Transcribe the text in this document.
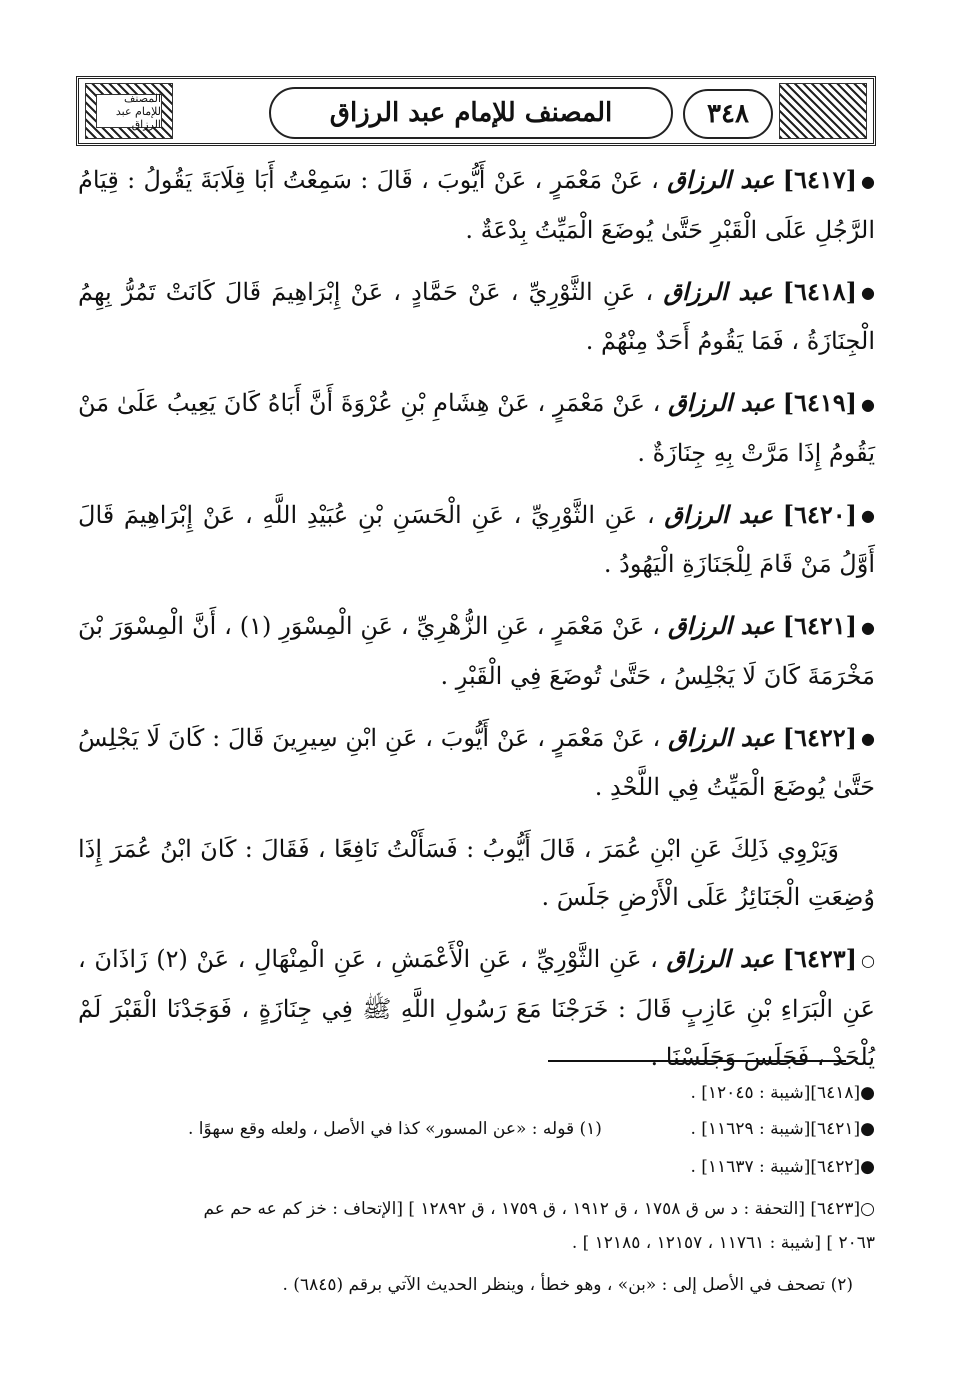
المصنف للإمام عبد الرزاق	المصنف للإمام عبد الرزاق	٣٤٨

●[٦٤١٧] عبد الرزاق ، عَنْ مَعْمَرٍ ، عَنْ أَيُّوبَ ، قَالَ : سَمِعْتُ أَبَا قِلَابَةَ يَقُولُ : قِيَامُ الرَّجُلِ عَلَى الْقَبْرِ حَتَّىٰ يُوضَعَ الْمَيِّتُ بِدْعَةٌ .

●[٦٤١٨] عبد الرزاق ، عَنِ الثَّوْرِيِّ ، عَنْ حَمَّادٍ ، عَنْ إِبْرَاهِيمَ قَالَ كَانَتْ تَمُرُّ بِهِمُ الْجِنَازَةُ ، فَمَا يَقُومُ أَحَدٌ مِنْهُمْ .

●[٦٤١٩] عبد الرزاق ، عَنْ مَعْمَرٍ ، عَنْ هِشَامِ بْنِ عُرْوَةَ أَنَّ أَبَاهُ كَانَ يَعِيبُ عَلَىٰ مَنْ يَقُومُ إِذَا مَرَّتْ بِهِ جِنَازَةٌ .

●[٦٤٢٠] عبد الرزاق ، عَنِ الثَّوْرِيِّ ، عَنِ الْحَسَنِ بْنِ عُبَيْدِ اللَّهِ ، عَنْ إِبْرَاهِيمَ قَالَ أَوَّلُ مَنْ قَامَ لِلْجَنَازَةِ الْيَهُودُ .

●[٦٤٢١] عبد الرزاق ، عَنْ مَعْمَرٍ ، عَنِ الزُّهْرِيِّ ، عَنِ الْمِسْوَرِ (١) ، أَنَّ الْمِسْوَرَ بْنَ مَخْرَمَةَ كَانَ لَا يَجْلِسُ ، حَتَّىٰ تُوضَعَ فِي الْقَبْرِ .

●[٦٤٢٢] عبد الرزاق ، عَنْ مَعْمَرٍ ، عَنْ أَيُّوبَ ، عَنِ ابْنِ سِيرِينَ قَالَ : كَانَ لَا يَجْلِسُ حَتَّىٰ يُوضَعَ الْمَيِّتُ فِي اللَّحْدِ .

وَيَرْوِي ذَلِكَ عَنِ ابْنِ عُمَرَ ، قَالَ أَيُّوبُ : فَسَأَلْتُ نَافِعًا ، فَقَالَ : كَانَ ابْنُ عُمَرَ إِذَا وُضِعَتِ الْجَنَائِزُ عَلَى الْأَرْضِ جَلَسَ .

○[٦٤٢٣] عبد الرزاق ، عَنِ الثَّوْرِيِّ ، عَنِ الْأَعْمَشِ ، عَنِ الْمِنْهَالِ ، عَنْ (٢) زَاذَانَ ، عَنِ الْبَرَاءِ بْنِ عَازِبٍ قَالَ : خَرَجْنَا مَعَ رَسُولِ اللَّهِ ﷺ فِي جِنَازَةٍ ، فَوَجَدْنَا الْقَبْرَ لَمْ يُلْحَدْ ، فَجَلَسَ وَجَلَسْنَا .

●[٦٤١٨][شيبة : ١٢٠٤٥] .
●[٦٤٢١][شيبة : ١١٦٢٩] .
(١) قوله : «عن المسور» كذا في الأصل ، ولعله وقع سهوًا .
●[٦٤٢٢][شيبة : ١١٦٣٧] .
○[٦٤٢٣] [التحفة : د س ق ١٧٥٨ ، ق ١٩١٢ ، ق ١٧٥٩ ، ق ١٢٨٩٢ ] [الإتحاف : خز كم عه حم عم
٢٠٦٣ ] [شيبة : ١١٧٦١ ، ١٢١٥٧ ، ١٢١٨٥ ] .
(٢) تصحف في الأصل إلى : «بن» ، وهو خطأ ، وينظر الحديث الآتي برقم (٦٨٤٥) .
